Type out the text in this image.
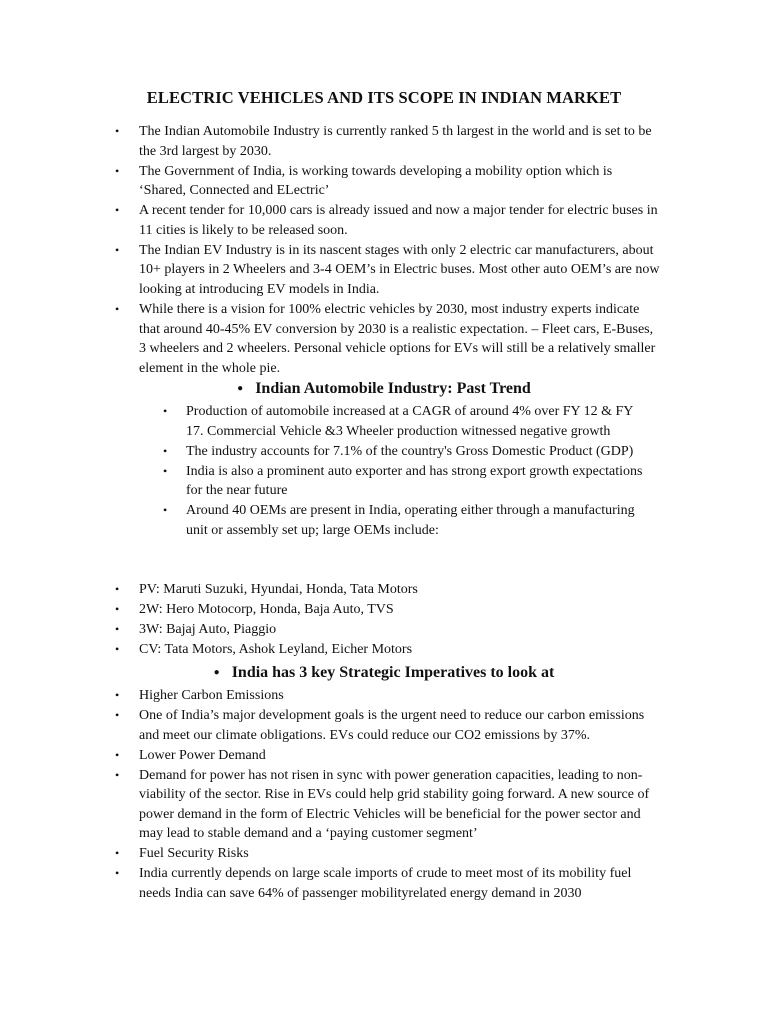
ELECTRIC VEHICLES AND ITS SCOPE IN INDIAN MARKET
• The Indian Automobile Industry is currently ranked 5 th largest in the world and is set to be the 3rd largest by 2030.
• The Government of India, is working towards developing a mobility option which is ‘Shared, Connected and ELectric’
• A recent tender for 10,000 cars is already issued and now a major tender for electric buses in 11 cities is likely to be released soon.
• The Indian EV Industry is in its nascent stages with only 2 electric car manufacturers, about 10+ players in 2 Wheelers and 3-4 OEM’s in Electric buses. Most other auto OEM’s are now looking at introducing EV models in India.
• While there is a vision for 100% electric vehicles by 2030, most industry experts indicate that around 40-45% EV conversion by 2030 is a realistic expectation. – Fleet cars, E-Buses, 3 wheelers and 2 wheelers. Personal vehicle options for EVs will still be a relatively smaller element in the whole pie.
● Indian Automobile Industry: Past Trend
• Production of automobile increased at a CAGR of around 4% over FY 12 & FY 17. Commercial Vehicle &3 Wheeler production witnessed negative growth
• The industry accounts for 7.1% of the country's Gross Domestic Product (GDP)
• India is also a prominent auto exporter and has strong export growth expectations for the near future
• Around 40 OEMs are present in India, operating either through a manufacturing unit or assembly set up; large OEMs include:
• PV: Maruti Suzuki, Hyundai, Honda, Tata Motors
• 2W: Hero Motocorp, Honda, Baja Auto, TVS
• 3W: Bajaj Auto, Piaggio
• CV: Tata Motors, Ashok Leyland, Eicher Motors
● India has 3 key Strategic Imperatives to look at
• Higher Carbon Emissions
• One of India’s major development goals is the urgent need to reduce our carbon emissions and meet our climate obligations. EVs could reduce our CO2 emissions by 37%.
• Lower Power Demand
• Demand for power has not risen in sync with power generation capacities, leading to non- viability of the sector. Rise in EVs could help grid stability going forward. A new source of power demand in the form of Electric Vehicles will be beneficial for the power sector and may lead to stable demand and a ‘paying customer segment’
• Fuel Security Risks
• India currently depends on large scale imports of crude to meet most of its mobility fuel needs India can save 64% of passenger mobilityrelated energy demand in 2030
